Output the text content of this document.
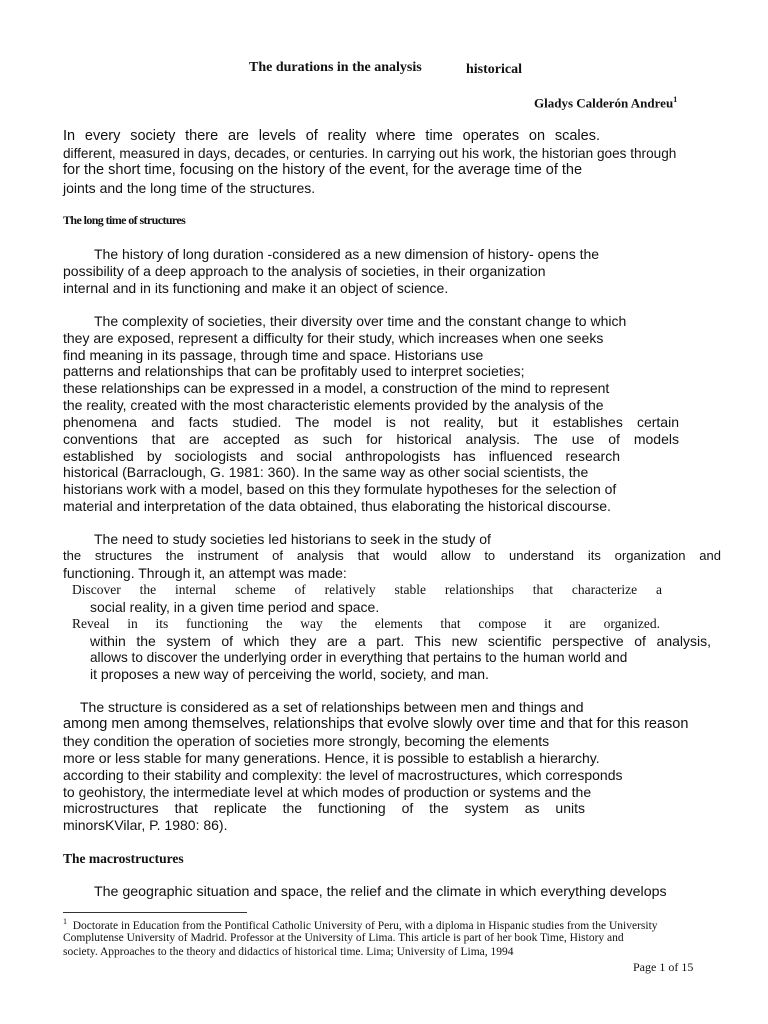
The durations in the analysis	historical
Gladys Calderón Andreu$^1$
In every society there are levels of reality where time operates on scales.
different, measured in days, decades, or centuries. In carrying out his work, the historian goes through
for the short time, focusing on the history of the event, for the average time of the
joints and the long time of the structures.
The long time of structures
The history of long duration -considered as a new dimension of history- opens the
possibility of a deep approach to the analysis of societies, in their organization
internal and in its functioning and make it an object of science.
The complexity of societies, their diversity over time and the constant change to which
they are exposed, represent a difficulty for their study, which increases when one seeks
find meaning in its passage, through time and space. Historians use
patterns and relationships that can be profitably used to interpret societies;
these relationships can be expressed in a model, a construction of the mind to represent
the reality, created with the most characteristic elements provided by the analysis of the
phenomena and facts studied. The model is not reality, but it establishes certain
conventions that are accepted as such for historical analysis. The use of models
established by sociologists and social anthropologists has influenced research
historical (Barraclough, G. 1981: 360). In the same way as other social scientists, the
historians work with a model, based on this they formulate hypotheses for the selection of
material and interpretation of the data obtained, thus elaborating the historical discourse.
The need to study societies led historians to seek in the study of
the structures the instrument of analysis that would allow to understand its organization and
functioning. Through it, an attempt was made:
Discover the internal scheme of relatively stable relationships that characterize a
social reality, in a given time period and space.
Reveal in its functioning the way the elements that compose it are organized.
within the system of which they are a part. This new scientific perspective of analysis,
allows to discover the underlying order in everything that pertains to the human world and
it proposes a new way of perceiving the world, society, and man.
The structure is considered as a set of relationships between men and things and
among men among themselves, relationships that evolve slowly over time and that for this reason
they condition the operation of societies more strongly, becoming the elements
more or less stable for many generations. Hence, it is possible to establish a hierarchy.
according to their stability and complexity: the level of macrostructures, which corresponds
to geohistory, the intermediate level at which modes of production or systems and the
microstructures that replicate the functioning of the system as units
minorsKVilar, P. 1980: 86).
The macrostructures
The geographic situation and space, the relief and the climate in which everything develops
$^1$ Doctorate in Education from the Pontifical Catholic University of Peru, with a diploma in Hispanic studies from the University
Complutense University of Madrid. Professor at the University of Lima. This article is part of her book Time, History and
society. Approaches to the theory and didactics of historical time. Lima; University of Lima, 1994
Page 1 of 15
